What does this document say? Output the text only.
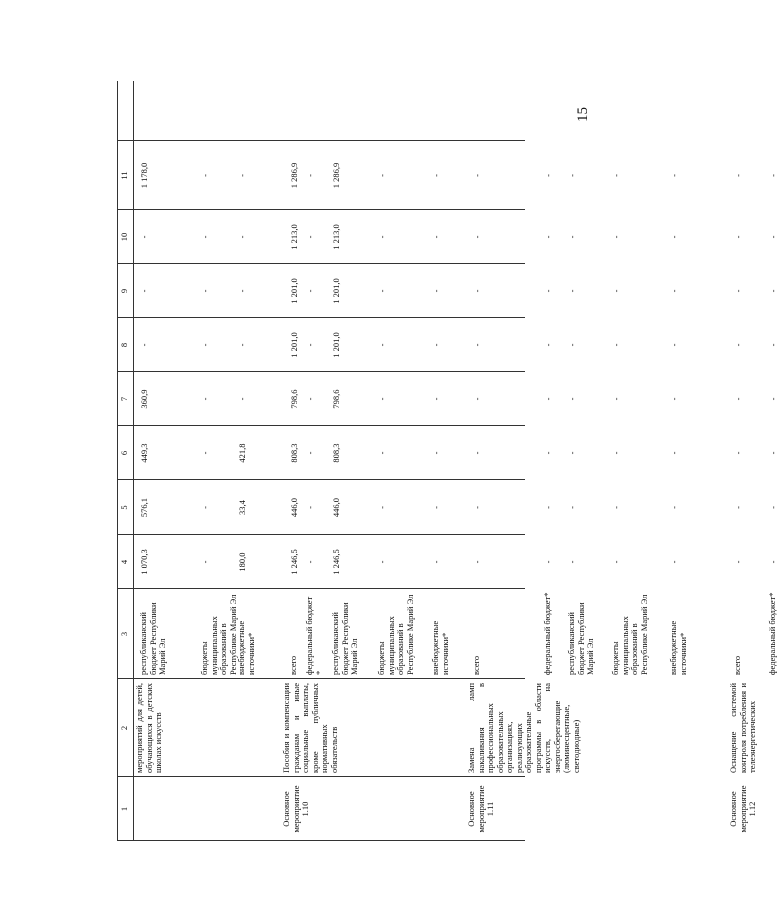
15
1
2
3
4
5
6
7
8
9
10
11
мероприятий для детей, обучающихся в детских школах искусств
республиканский бюджет Республики Марий Эл
1 070,3
576,1
449,3
360,9
-
-
-
1 178,0
бюджеты муниципальных образований в Республике Марий Эл
-
-
-
-
-
-
-
-
внебюджетные источники*
180,0
33,4
421,8
-
-
-
-
-
Основное мероприятие 1.10
Пособия и компенсации гражданам и иные социальные выплаты, кроме публичных нормативных обязательств
всего
1 246,5
446,0
808,3
798,6
1 201,0
1 201,0
1 213,0
1 286,9
федеральный бюджет *
-
-
-
-
-
-
-
-
республиканский бюджет Республики Марий Эл
1 246,5
446,0
808,3
798,6
1 201,0
1 201,0
1 213,0
1 286,9
бюджеты муниципальных образований в Республике Марий Эл
-
-
-
-
-
-
-
-
внебюджетные источники*
-
-
-
-
-
-
-
-
Основное мероприятие 1.11
Замена ламп накаливания в профессиональных образовательных организациях, реализующих образовательные программы в области искусств, на энергосберегающие (люминесцентные, светодиодные)
всего
-
-
-
-
-
-
-
-
федеральный бюджет*
-
-
-
-
-
-
-
-
республиканский бюджет Республики Марий Эл
-
-
-
-
-
-
-
-
бюджеты муниципальных образований в Республике Марий Эл
-
-
-
-
-
-
-
-
внебюджетные источники*
-
-
-
-
-
-
-
-
Основное мероприятие 1.12
Оснащение системой контроля потребления и телеэнергетических
всего
-
-
-
-
-
-
-
-
федеральный бюджет*
-
-
-
-
-
-
-
-
